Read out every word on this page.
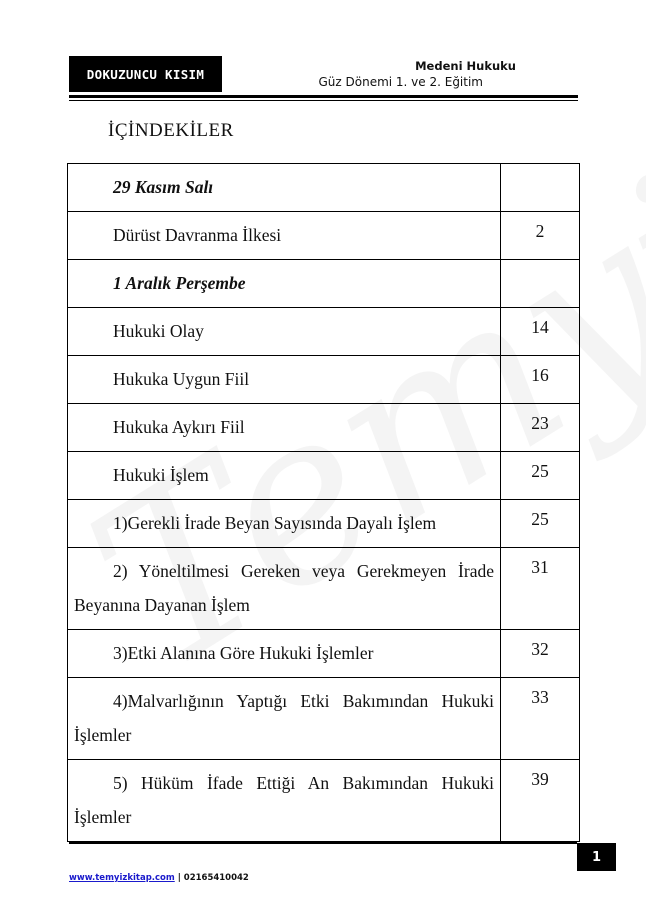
DOKUZUNCU KISIM
Medeni Hukuku
Güz Dönemi 1. ve 2. Eğitim
İÇİNDEKİLER
29 Kasım Salı	
Dürüst Davranma İlkesi	2
1 Aralık Perşembe	
Hukuki Olay	14
Hukuka Uygun Fiil	16
Hukuka Aykırı Fiil	23
Hukuki İşlem	25
1)Gerekli İrade Beyan Sayısında Dayalı İşlem	25
2) Yöneltilmesi Gereken veya Gerekmeyen İrade Beyanına Dayanan İşlem	31
3)Etki Alanına Göre Hukuki İşlemler	32
4)Malvarlığının Yaptığı Etki Bakımından Hukuki İşlemler	33
5) Hüküm İfade Ettiği An Bakımından Hukuki İşlemler	39
1
www.temyizkitap.com | 02165410042
